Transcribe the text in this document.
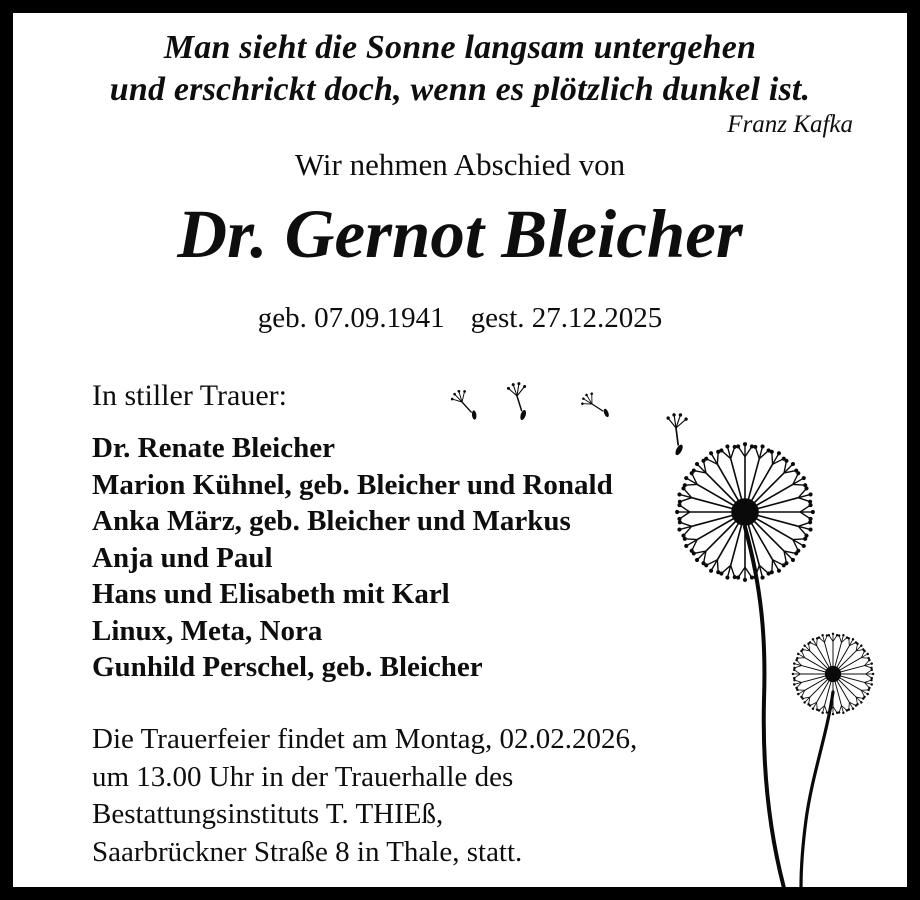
Man sieht die Sonne langsam untergehen
und erschrickt doch, wenn es plötzlich dunkel ist.
Franz Kafka
Wir nehmen Abschied von
Dr. Gernot Bleicher
geb. 07.09.1941 gest. 27.12.2025
In stiller Trauer:
Dr. Renate Bleicher
Marion Kühnel, geb. Bleicher und Ronald
Anka März, geb. Bleicher und Markus
Anja und Paul
Hans und Elisabeth mit Karl
Linux, Meta, Nora
Gunhild Perschel, geb. Bleicher
Die Trauerfeier findet am Montag, 02.02.2026,
um 13.00 Uhr in der Trauerhalle des
Bestattungsinstituts T. THIEß,
Saarbrückner Straße 8 in Thale, statt.
